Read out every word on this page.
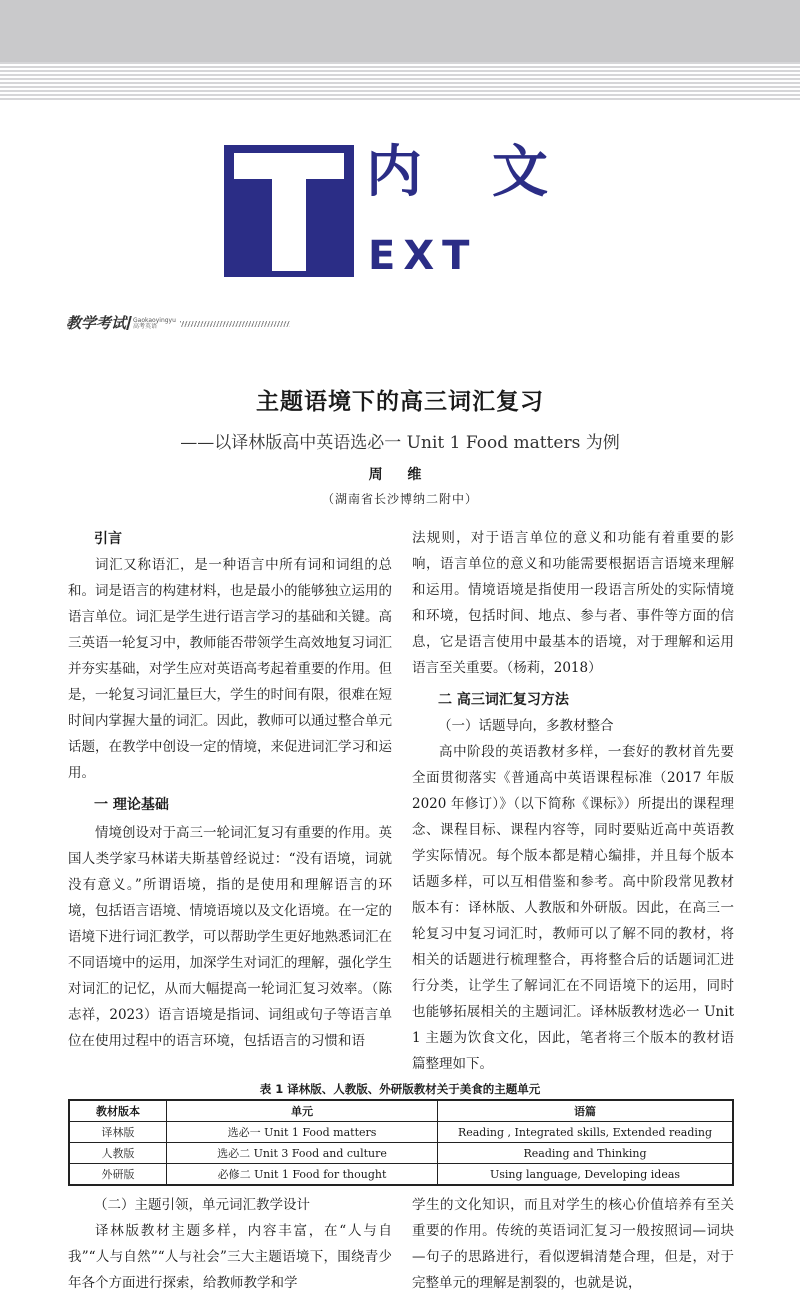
内 文
EXT
教学考试 Gaokaoyingyu
高考英语
主题语境下的高三词汇复习
——以译林版高中英语选必一 Unit 1 Food matters 为例
周 维
（湖南省长沙博纳二附中）
引言

词汇又称语汇，是一种语言中所有词和词组的总和。词是语言的构建材料，也是最小的能够独立运用的语言单位。词汇是学生进行语言学习的基础和关键。高三英语一轮复习中，教师能否带领学生高效地复习词汇并夯实基础，对学生应对英语高考起着重要的作用。但是，一轮复习词汇量巨大，学生的时间有限，很难在短时间内掌握大量的词汇。因此，教师可以通过整合单元话题，在教学中创设一定的情境，来促进词汇学习和运用。

一 理论基础

情境创设对于高三一轮词汇复习有重要的作用。英国人类学家马林诺夫斯基曾经说过：“没有语境，词就没有意义。”所谓语境，指的是使用和理解语言的环境，包括语言语境、情境语境以及文化语境。在一定的语境下进行词汇教学，可以帮助学生更好地熟悉词汇在不同语境中的运用，加深学生对词汇的理解，强化学生对词汇的记忆，从而大幅提高一轮词汇复习效率。（陈志祥，2023）语言语境是指词、词组或句子等语言单位在使用过程中的语言环境，包括语言的习惯和语

法规则，对于语言单位的意义和功能有着重要的影响，语言单位的意义和功能需要根据语言语境来理解和运用。情境语境是指使用一段语言所处的实际情境和环境，包括时间、地点、参与者、事件等方面的信息，它是语言使用中最基本的语境，对于理解和运用语言至关重要。（杨莉，2018）

二 高三词汇复习方法
（一）话题导向，多教材整合

高中阶段的英语教材多样，一套好的教材首先要全面贯彻落实《普通高中英语课程标准（2017 年版 2020 年修订）》（以下简称《课标》）所提出的课程理念、课程目标、课程内容等，同时要贴近高中英语教学实际情况。每个版本都是精心编排，并且每个版本话题多样，可以互相借鉴和参考。高中阶段常见教材版本有：译林版、人教版和外研版。因此，在高三一轮复习中复习词汇时，教师可以了解不同的教材，将相关的话题进行梳理整合，再将整合后的话题词汇进行分类，让学生了解词汇在不同语境下的运用，同时也能够拓展相关的主题词汇。译林版教材选必一 Unit 1 主题为饮食文化，因此，笔者将三个版本的教材语篇整理如下。

表 1 译林版、人教版、外研版教材关于美食的主题单元
教材版本	单元	语篇
译林版	选必一 Unit 1 Food matters	Reading , Integrated skills, Extended reading
人教版	选必二 Unit 3 Food and culture	Reading and Thinking
外研版	必修二 Unit 1 Food for thought	Using language, Developing ideas
（二）主题引领，单元词汇教学设计

译林版教材主题多样，内容丰富，在“人与自我”“人与自然”“人与社会”三大主题语境下，围绕青少年各个方面进行探索，给教师教学和学

学生的文化知识，而且对学生的核心价值培养有至关重要的作用。传统的英语词汇复习一般按照词—词块—句子的思路进行，看似逻辑清楚合理，但是，对于完整单元的理解是割裂的，也就是说，
